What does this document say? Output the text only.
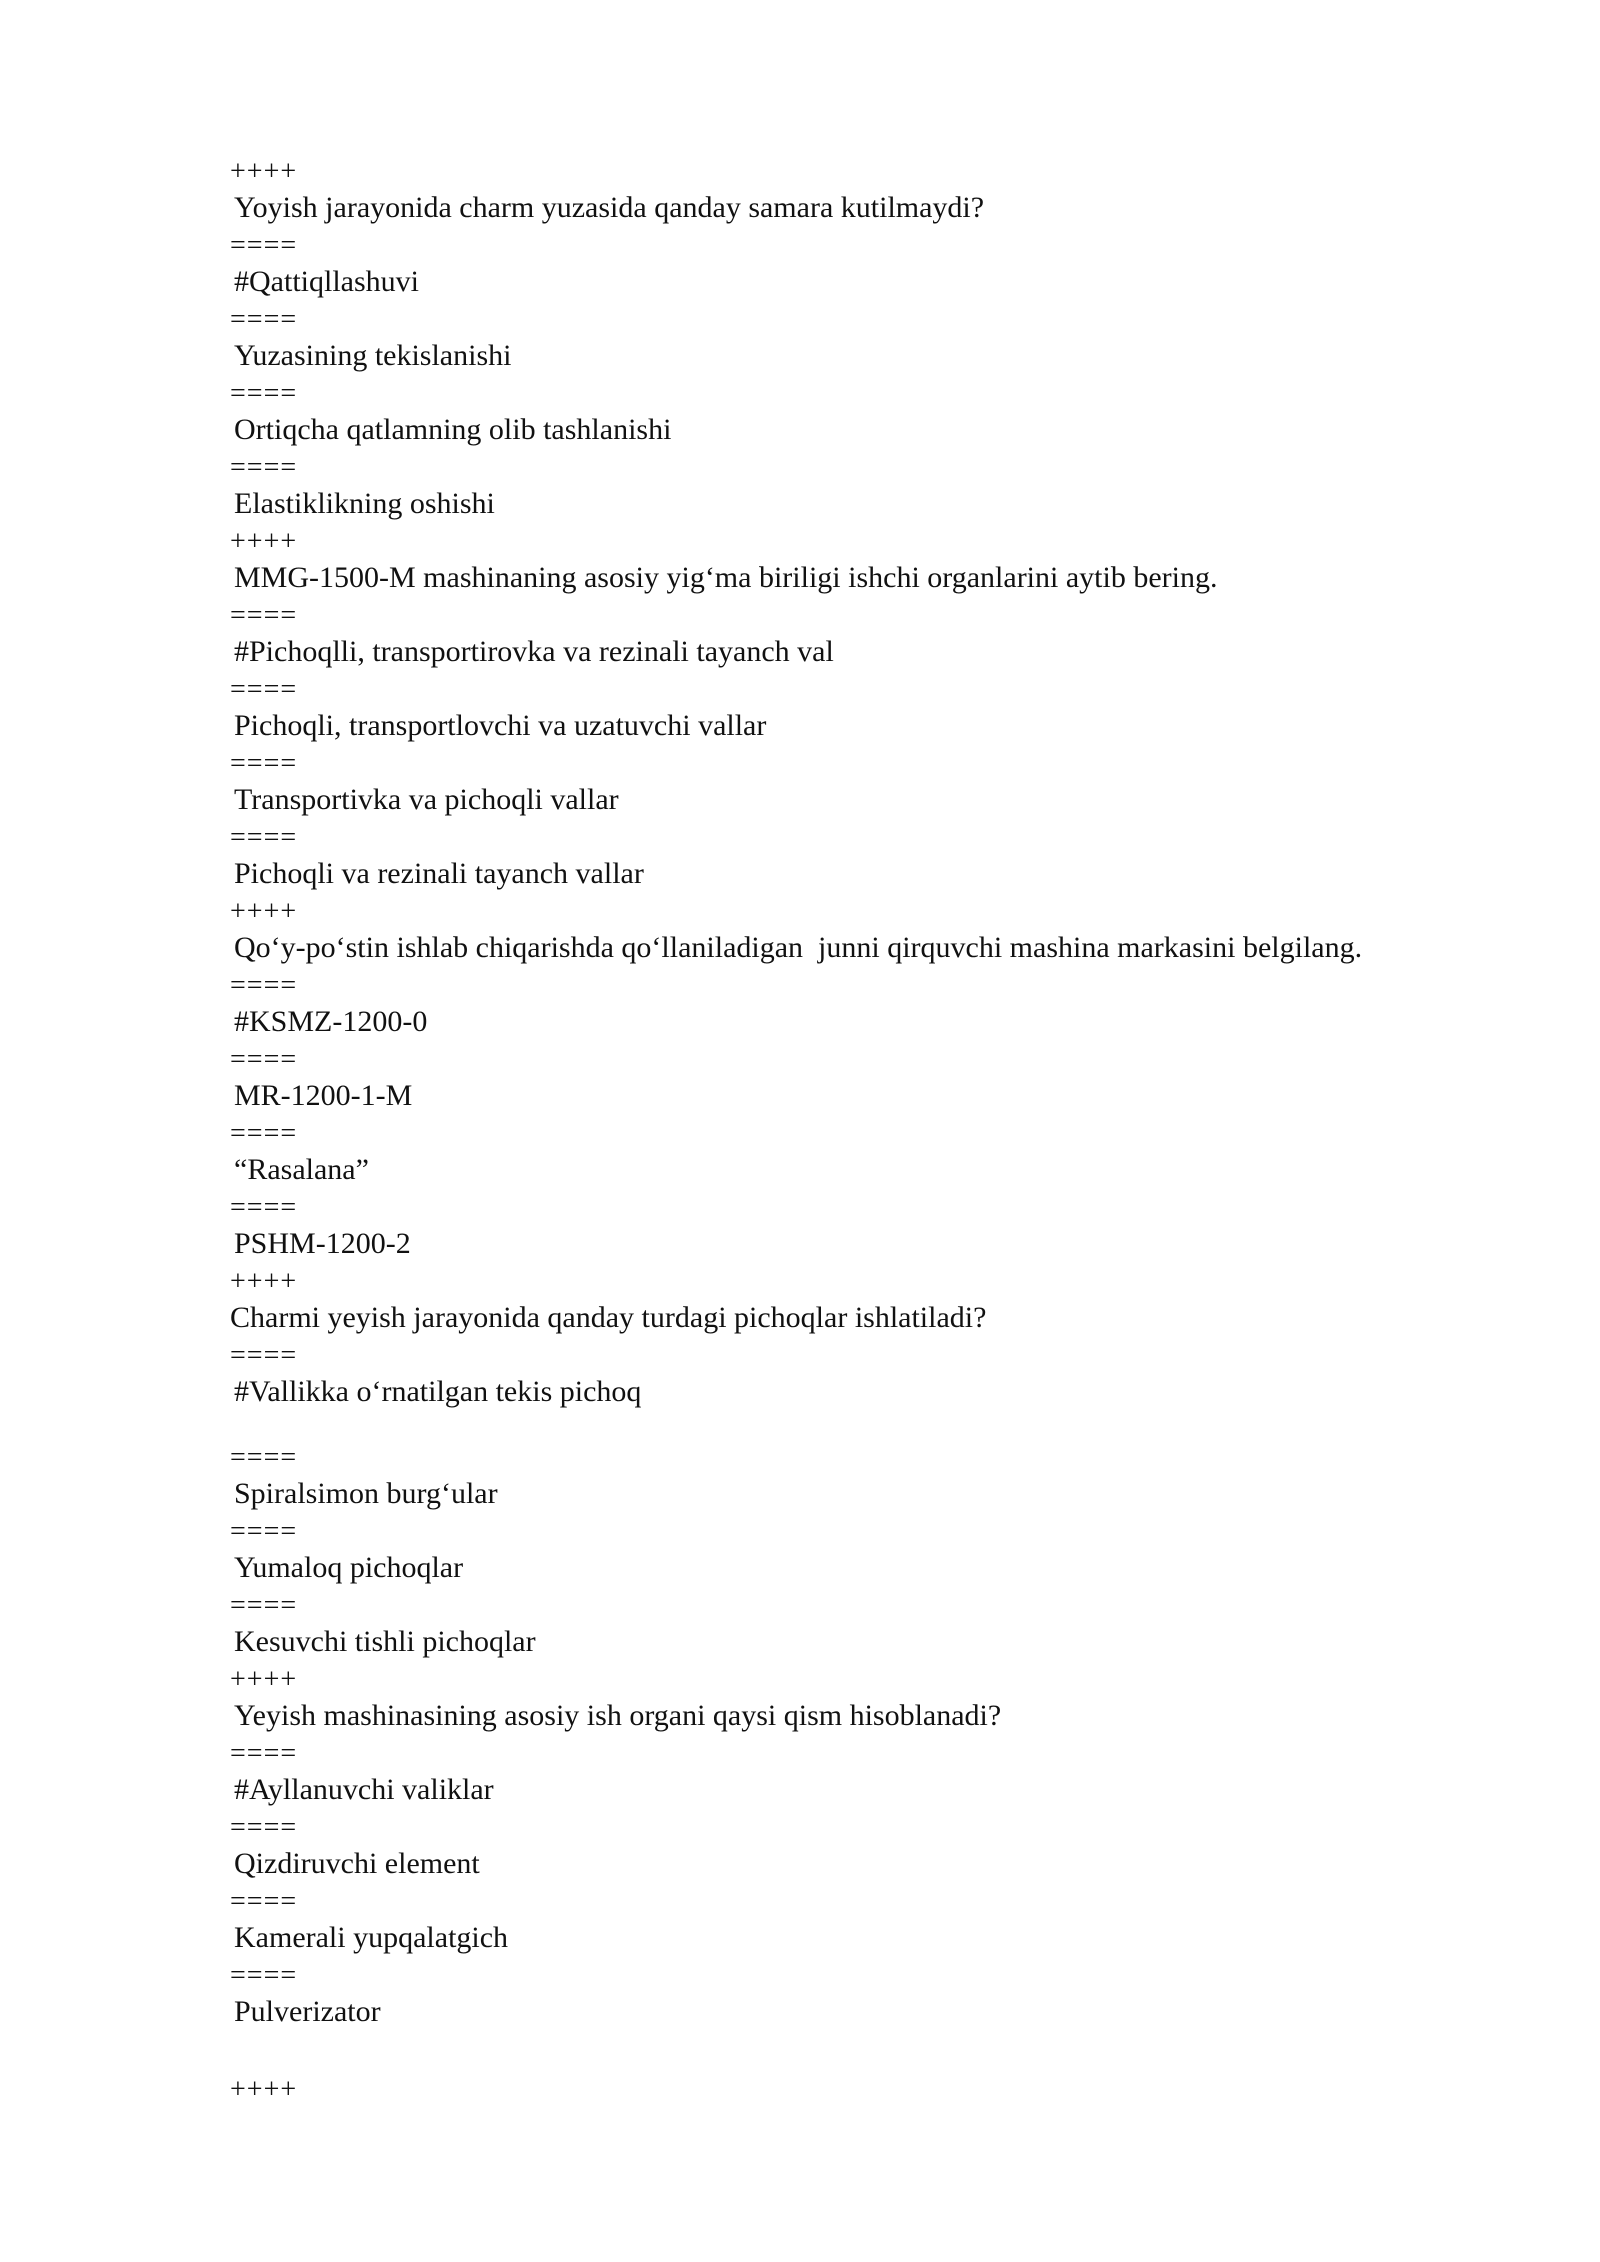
++++
Yoyish jarayonida charm yuzasida qanday samara kutilmaydi?
====
#Qattiqllashuvi
====
Yuzasining tekislanishi
====
Ortiqcha qatlamning olib tashlanishi
====
Elastiklikning oshishi
++++
MMG-1500-M mashinaning asosiy yig‘ma biriligi ishchi organlarini aytib bering.
====
#Pichoqlli, transportirovka va rezinali tayanch val
====
Pichoqli, transportlovchi va uzatuvchi vallar
====
Transportivka va pichoqli vallar
====
Pichoqli va rezinali tayanch vallar
++++
Qo‘y-po‘stin ishlab chiqarishda qo‘llaniladigan  junni qirquvchi mashina markasini belgilang.
====
#KSMZ-1200-0
====
MR-1200-1-M
====
“Rasalana”
====
PSHM-1200-2
++++
Charmi yeyish jarayonida qanday turdagi pichoqlar ishlatiladi?
====
#Vallikka o‘rnatilgan tekis pichoq
====
Spiralsimon burg‘ular
====
Yumaloq pichoqlar
====
Kesuvchi tishli pichoqlar
++++
Yeyish mashinasining asosiy ish organi qaysi qism hisoblanadi?
====
#Ayllanuvchi valiklar
====
Qizdiruvchi element
====
Kamerali yupqalatgich
====
Pulverizator
++++
